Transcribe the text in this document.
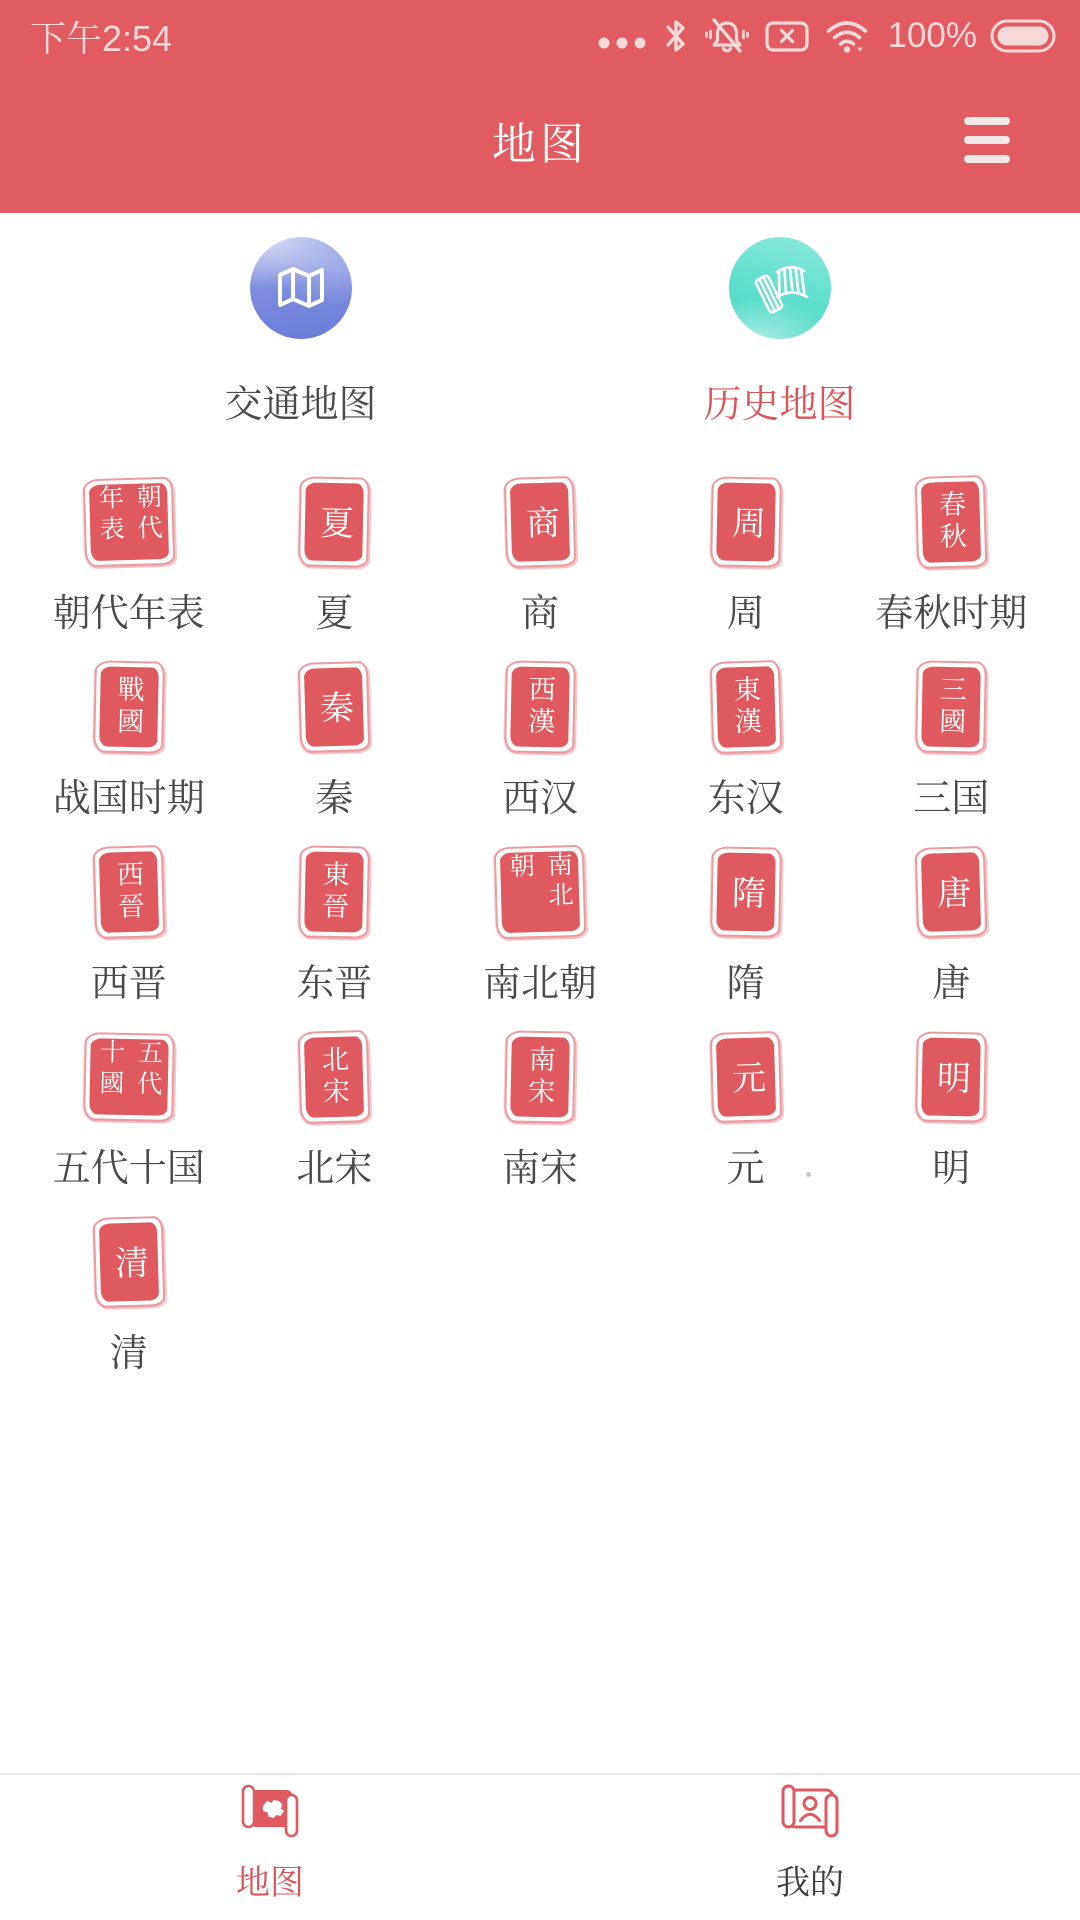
下午2:54	100%
地图
交通地图	历史地图
朝代年表
朝代年表
夏
夏
商
商
周
周
春秋
春秋时期
戰國
战国时期
秦
秦
西漢
西汉
東漢
东汉
三國
三国
西晉
西晋
東晉
东晋
南北朝
南北朝
隋
隋
唐
唐
五代十國
五代十国
北宋
北宋
南宋
南宋
元
元
明
明
清
清
地图	我的
